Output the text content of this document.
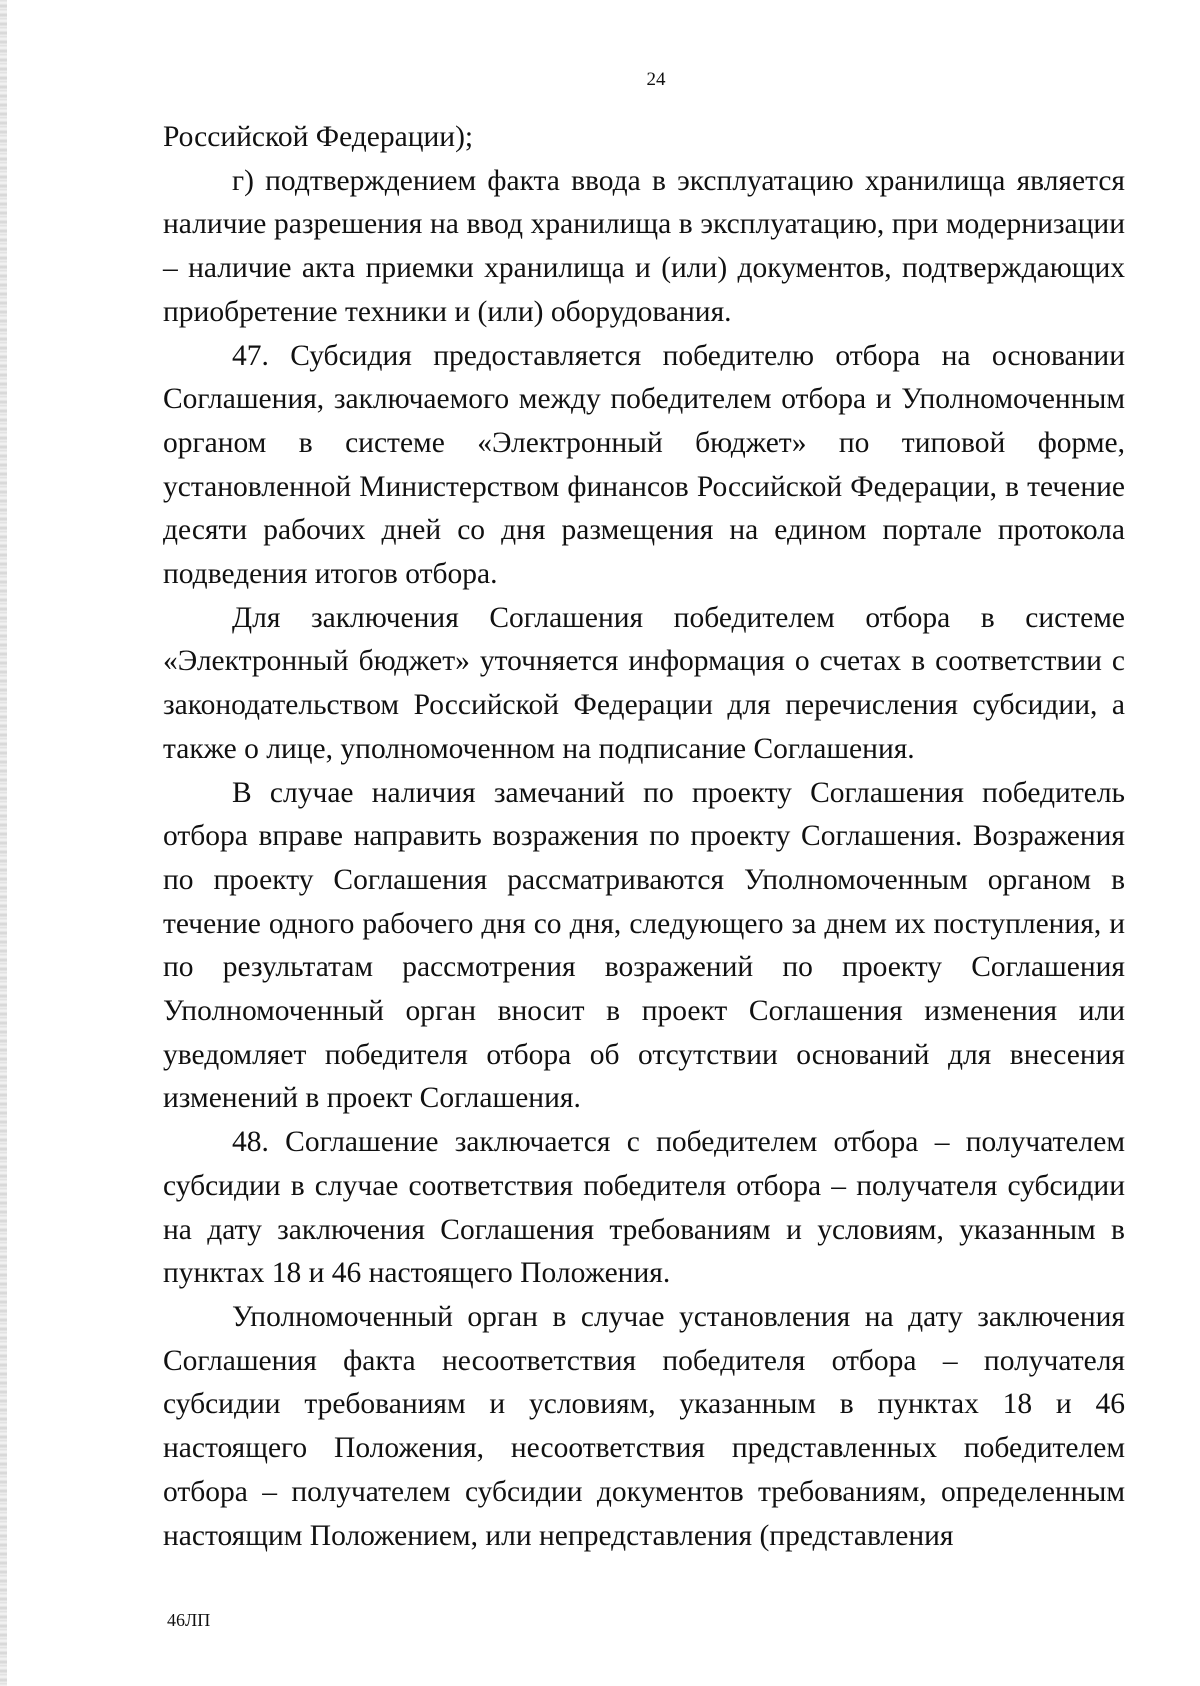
24

Российской Федерации);

г) подтверждением факта ввода в эксплуатацию хранилища является наличие разрешения на ввод хранилища в эксплуатацию, при модернизации – наличие акта приемки хранилища и (или) документов, подтверждающих приобретение техники и (или) оборудования.

47. Субсидия предоставляется победителю отбора на основании Соглашения, заключаемого между победителем отбора и Уполномоченным органом в системе «Электронный бюджет» по типовой форме, установленной Министерством финансов Российской Федерации, в течение десяти рабочих дней со дня размещения на едином портале протокола подведения итогов отбора.

Для заключения Соглашения победителем отбора в системе «Электронный бюджет» уточняется информация о счетах в соответствии с законодательством Российской Федерации для перечисления субсидии, а также о лице, уполномоченном на подписание Соглашения.

В случае наличия замечаний по проекту Соглашения победитель отбора вправе направить возражения по проекту Соглашения. Возражения по проекту Соглашения рассматриваются Уполномоченным органом в течение одного рабочего дня со дня, следующего за днем их поступления, и по результатам рассмотрения возражений по проекту Соглашения Уполномоченный орган вносит в проект Соглашения изменения или уведомляет победителя отбора об отсутствии оснований для внесения изменений в проект Соглашения.

48. Соглашение заключается с победителем отбора – получателем субсидии в случае соответствия победителя отбора – получателя субсидии на дату заключения Соглашения требованиям и условиям, указанным в пунктах 18 и 46 настоящего Положения.

Уполномоченный орган в случае установления на дату заключения Соглашения факта несоответствия победителя отбора – получателя субсидии требованиям и условиям, указанным в пунктах 18 и 46 настоящего Положения, несоответствия представленных победителем отбора – получателем субсидии документов требованиям, определенным настоящим Положением, или непредставления (представления

46ЛП
